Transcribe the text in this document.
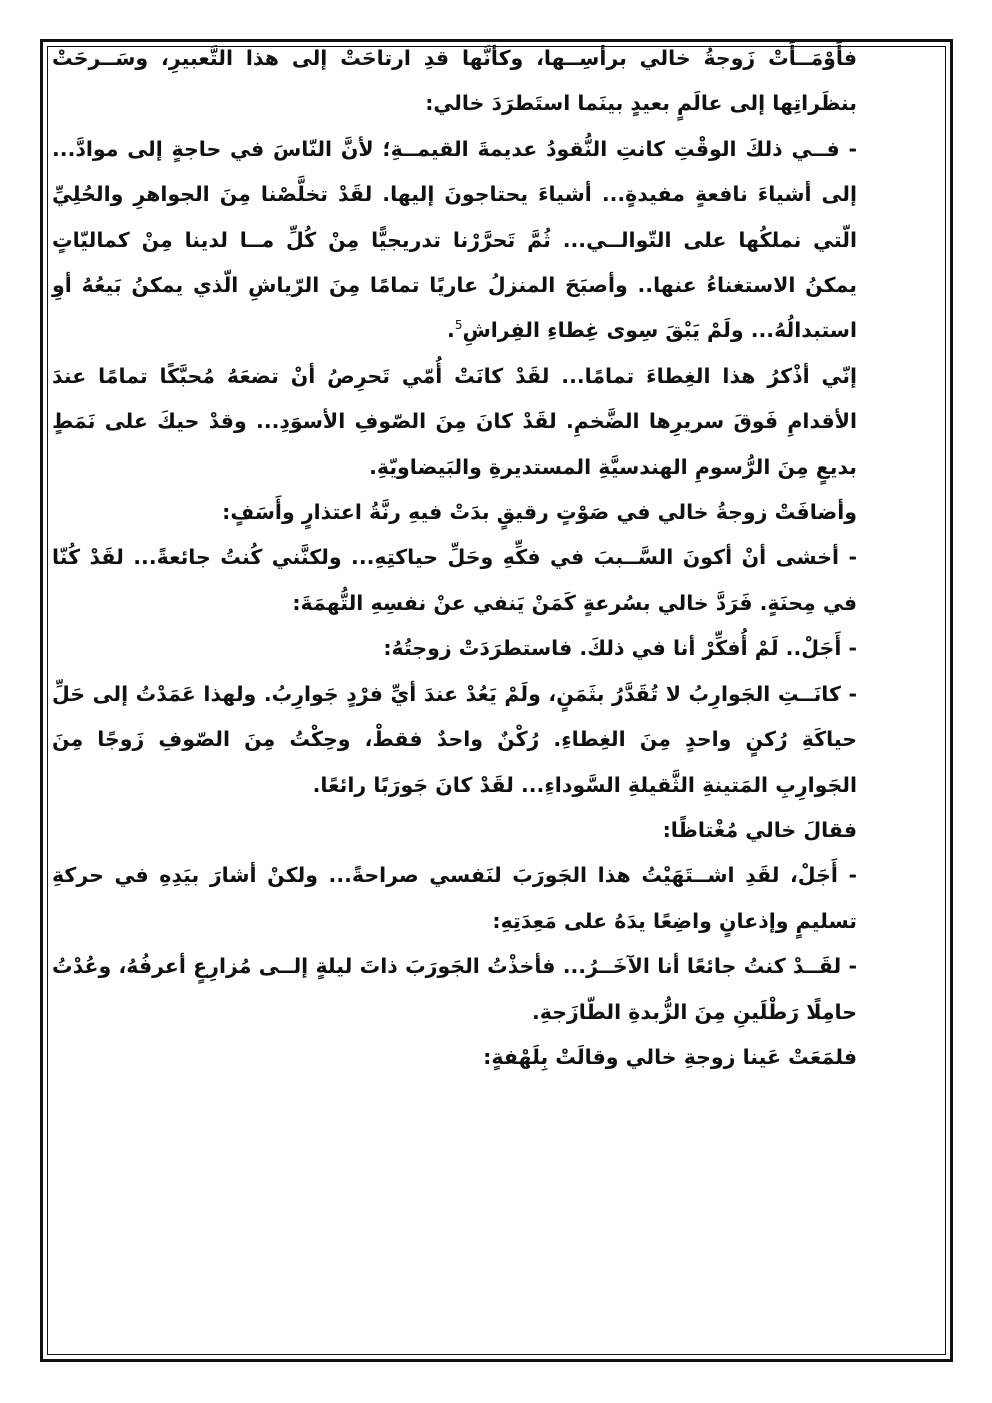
فأَوْمَــأَتْ زَوجةُ خالي برأسِــها، وكأنَّها قدِ ارتاحَتْ إلى هذا التَّعبيرِ، وسَــرحَتْ بنظَراتِها إلى عالَمٍ بعيدٍ بينَما استَطرَدَ خالي:

- فــي ذلكَ الوقْتِ كانتِ النُّقودُ عديمةَ القيمــةِ؛ لأنَّ النّاسَ في حاجةٍ إلى موادَّ... إلى أشياءَ نافعةٍ مفيدةٍ... أشياءَ يحتاجونَ إليها. لقَدْ تخلَّصْنا مِنَ الجواهرِ والحُلِيِّ الّتي نملكُها على التّوالــي... ثُمَّ تَحرَّرْنا تدريجيًّا مِنْ كُلِّ مــا لدينا مِنْ كماليّاتٍ يمكنُ الاستغناءُ عنها.. وأصبَحَ المنزلُ عاريًا تمامًا مِنَ الرّياشِ الّذي يمكنُ بَيعُهُ أوِ استبدالُهُ... ولَمْ يَبْقَ سِوى غِطاءِ الفِراشِ$^5$.

إنّي أذْكرُ هذا الغِطاءَ تمامًا... لقَدْ كانَتْ أُمّي تَحرِصُ أنْ تضعَهُ مُحبَّكًا تمامًا عندَ الأقدامِ فَوقَ سريرِها الضَّخمِ. لقَدْ كانَ مِنَ الصّوفِ الأسوَدِ... وقدْ حيكَ على نَمَطٍ بديعٍ مِنَ الرُّسومِ الهندسيَّةِ المستديرةِ والبَيضاويّةِ.

وأضافَتْ زوجةُ خالي في صَوْتٍ رقيقٍ بدَتْ فيهِ رنَّةُ اعتذارٍ وأَسَفٍ:

- أخشى أنْ أكونَ السَّــببَ في فكِّهِ وحَلِّ حياكتِهِ... ولكنَّني كُنتُ جائعةً... لقَدْ كُنّا في مِحنَةٍ. فَرَدَّ خالي بسُرعةٍ كَمَنْ يَنفي عنْ نفسِهِ التُّهمَةَ:

- أَجَلْ.. لَمْ أُفكِّرْ أنا في ذلكَ. فاستطرَدَتْ زوجتُهُ:

- كانَــتِ الجَوارِبُ لا تُقَدَّرُ بثَمَنٍ، ولَمْ يَعُدْ عندَ أيِّ فرْدٍ جَوارِبُ. ولهذا عَمَدْتُ إلى حَلِّ حياكَةِ رُكنٍ واحدٍ مِنَ الغِطاءِ. رُكْنٌ واحدٌ فقطْ، وحِكْتُ مِنَ الصّوفِ زَوجًا مِنَ الجَوارِبِ المَتينةِ الثَّقيلةِ السَّوداءِ... لقَدْ كانَ جَورَبًا رائعًا.

فقالَ خالي مُغْتاظًا:

- أَجَلْ، لقَدِ اشــتَهَيْتُ هذا الجَورَبَ لنَفسي صراحةً... ولكنْ أشارَ بيَدِهِ في حركةِ تسليمٍ وإذعانٍ واضِعًا يدَهُ على مَعِدَتِهِ:

- لقَــدْ كنتُ جائعًا أنا الآخَــرُ... فأخذْتُ الجَورَبَ ذاتَ ليلةٍ إلــى مُزارِعٍ أعرفُهُ، وعُدْتُ حامِلًا رَطْلَينِ مِنَ الزُّبدةِ الطّازَجةِ.

فلمَعَتْ عَينا زوجةِ خالي وقالَتْ بِلَهْفةٍ:
